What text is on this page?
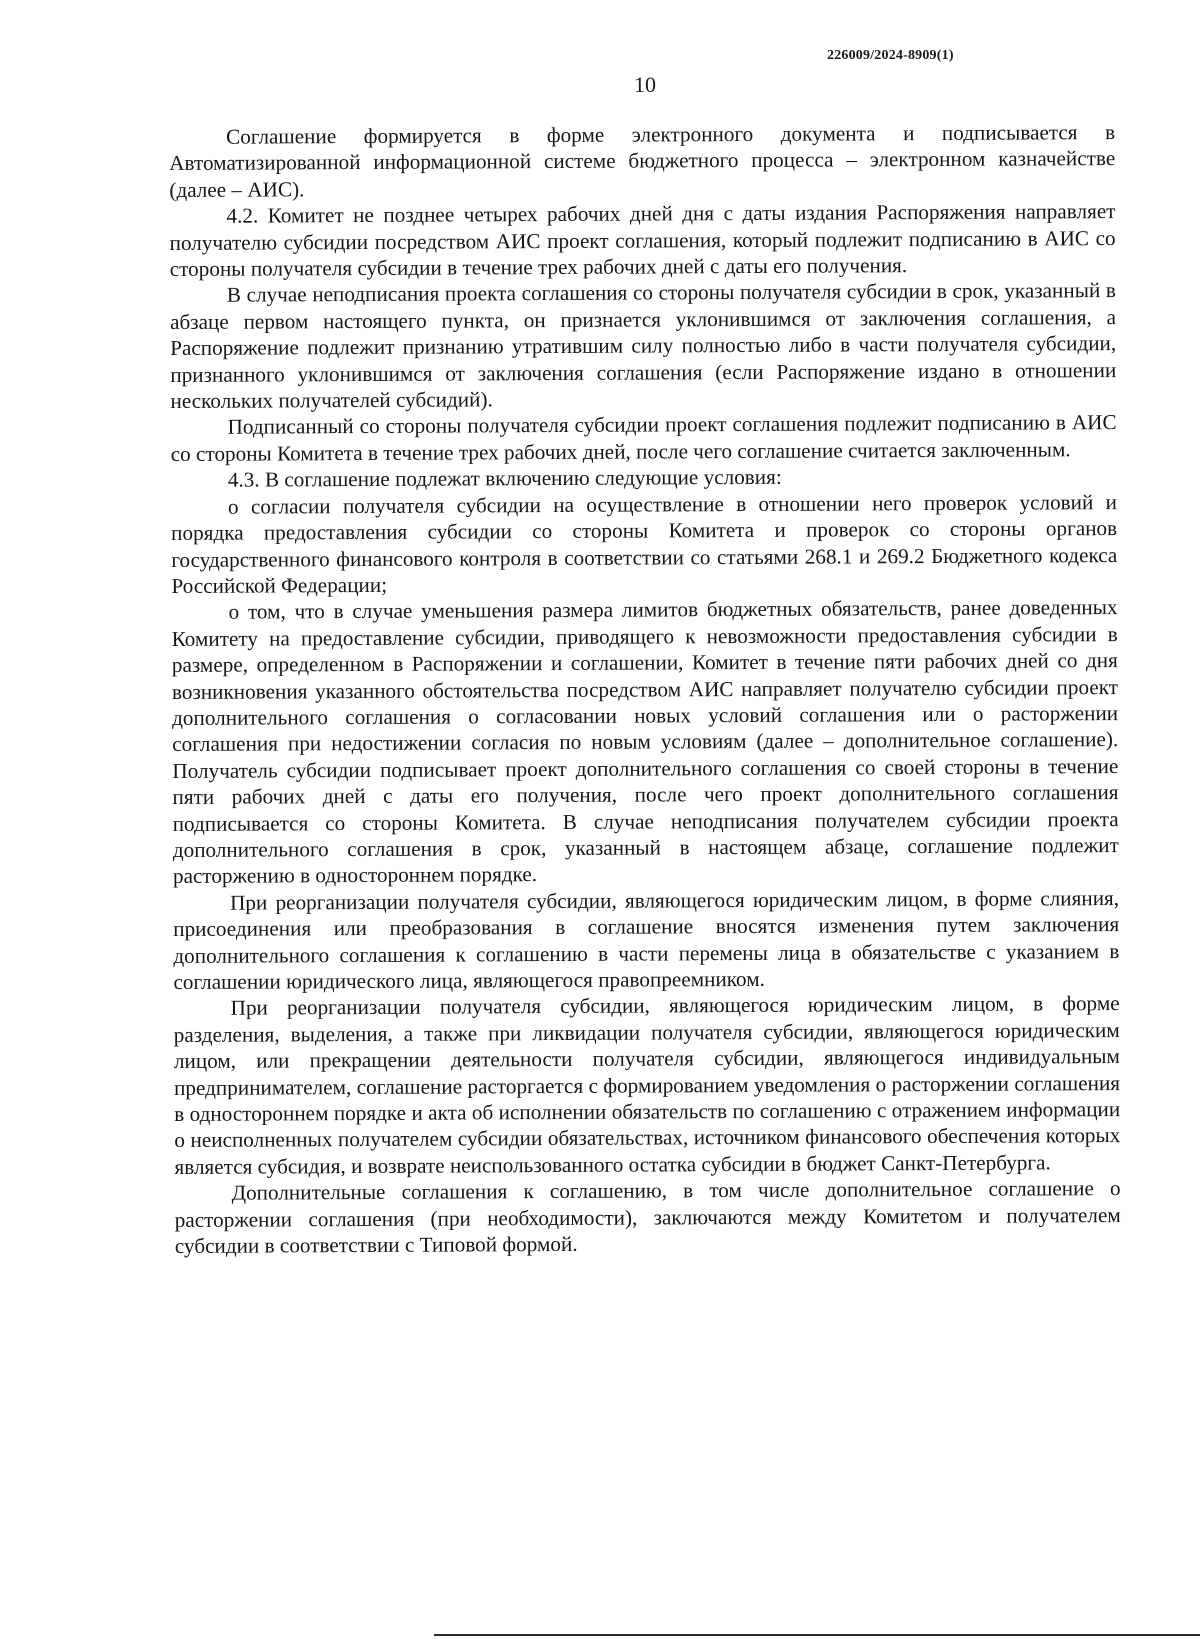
226009/2024-8909(1)
10

Соглашение формируется в форме электронного документа и подписывается в Автоматизированной информационной системе бюджетного процесса – электронном казначействе (далее – АИС).

4.2. Комитет не позднее четырех рабочих дней дня с даты издания Распоряжения направляет получателю субсидии посредством АИС проект соглашения, который подлежит подписанию в АИС со стороны получателя субсидии в течение трех рабочих дней с даты его получения.

В случае неподписания проекта соглашения со стороны получателя субсидии в срок, указанный в абзаце первом настоящего пункта, он признается уклонившимся от заключения соглашения, а Распоряжение подлежит признанию утратившим силу полностью либо в части получателя субсидии, признанного уклонившимся от заключения соглашения (если Распоряжение издано в отношении нескольких получателей субсидий).

Подписанный со стороны получателя субсидии проект соглашения подлежит подписанию в АИС со стороны Комитета в течение трех рабочих дней, после чего соглашение считается заключенным.

4.3. В соглашение подлежат включению следующие условия:

о согласии получателя субсидии на осуществление в отношении него проверок условий и порядка предоставления субсидии со стороны Комитета и проверок со стороны органов государственного финансового контроля в соответствии со статьями 268.1 и 269.2 Бюджетного кодекса Российской Федерации;

о том, что в случае уменьшения размера лимитов бюджетных обязательств, ранее доведенных Комитету на предоставление субсидии, приводящего к невозможности предоставления субсидии в размере, определенном в Распоряжении и соглашении, Комитет в течение пяти рабочих дней со дня возникновения указанного обстоятельства посредством АИС направляет получателю субсидии проект дополнительного соглашения о согласовании новых условий соглашения или о расторжении соглашения при недостижении согласия по новым условиям (далее – дополнительное соглашение). Получатель субсидии подписывает проект дополнительного соглашения со своей стороны в течение пяти рабочих дней с даты его получения, после чего проект дополнительного соглашения подписывается со стороны Комитета. В случае неподписания получателем субсидии проекта дополнительного соглашения в срок, указанный в настоящем абзаце, соглашение подлежит расторжению в одностороннем порядке.

При реорганизации получателя субсидии, являющегося юридическим лицом, в форме слияния, присоединения или преобразования в соглашение вносятся изменения путем заключения дополнительного соглашения к соглашению в части перемены лица в обязательстве с указанием в соглашении юридического лица, являющегося правопреемником.

При реорганизации получателя субсидии, являющегося юридическим лицом, в форме разделения, выделения, а также при ликвидации получателя субсидии, являющегося юридическим лицом, или прекращении деятельности получателя субсидии, являющегося индивидуальным предпринимателем, соглашение расторгается с формированием уведомления о расторжении соглашения в одностороннем порядке и акта об исполнении обязательств по соглашению с отражением информации о неисполненных получателем субсидии обязательствах, источником финансового обеспечения которых является субсидия, и возврате неиспользованного остатка субсидии в бюджет Санкт-Петербурга.

Дополнительные соглашения к соглашению, в том числе дополнительное соглашение о расторжении соглашения (при необходимости), заключаются между Комитетом и получателем субсидии в соответствии с Типовой формой.
